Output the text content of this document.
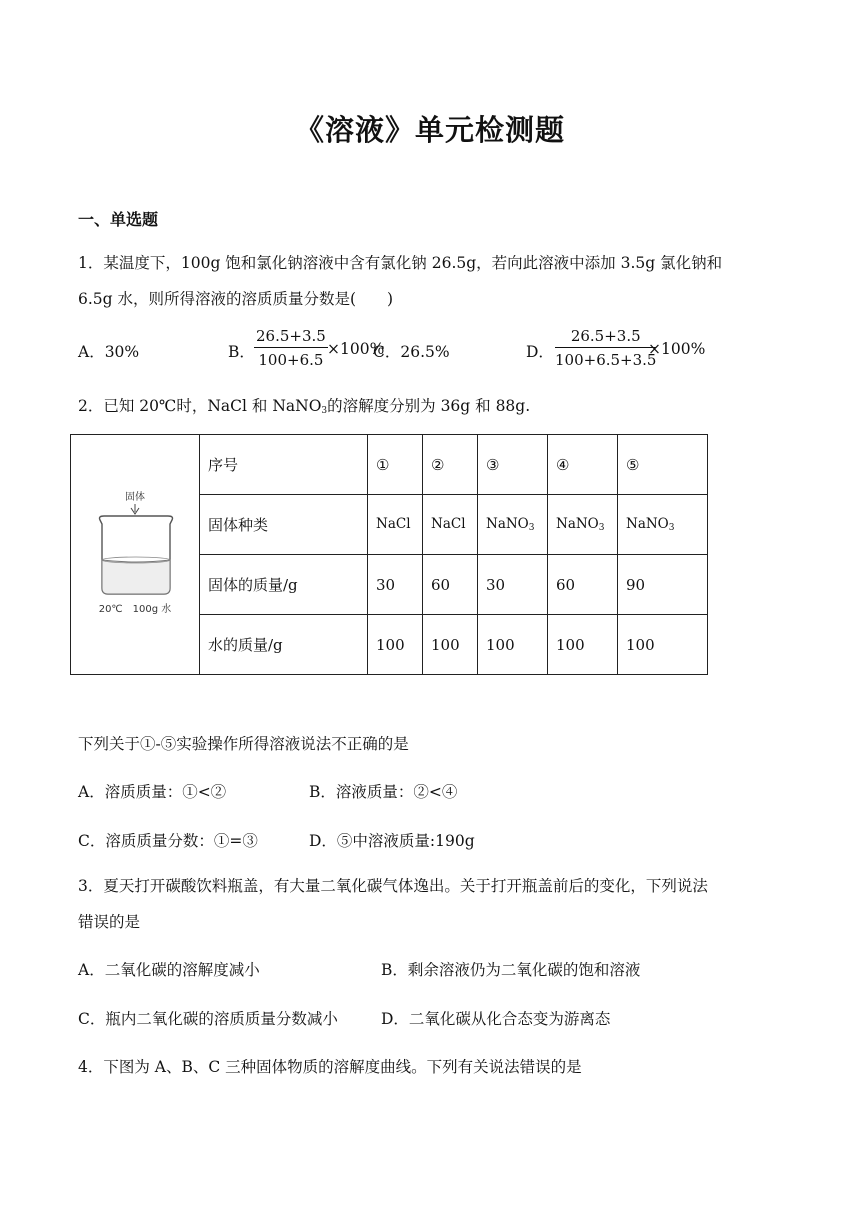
《溶液》单元检测题
一、单选题
1．某温度下，100g 饱和氯化钠溶液中含有氯化钠 26.5g，若向此溶液中添加 3.5g 氯化钠和
6.5g 水，则所得溶液的溶质质量分数是(　　)
A．30%	B． $\frac{26.5+3.5}{100+6.5} \times 100\%$
C．26.5%	D． $\frac{26.5+3.5}{100+6.5+3.5}$
×100%
2．已知 20℃时，NaCl 和 NaNO$_3$的溶解度分别为 36g 和 88g.
固体
20℃　100g 水	序号	①	②	③	④	⑤
	固体种类	NaCl	NaCl	NaNO$_3$	NaNO$_3$	NaNO$_3$
	固体的质量/g	30	60	30	60	90
	水的质量/g	100	100	100	100	100
下列关于①-⑤实验操作所得溶液说法不正确的是
A．溶质质量：①<②	B．溶液质量：②<④
C．溶质质量分数：①=③	D．⑤中溶液质量:190g
3．夏天打开碳酸饮料瓶盖，有大量二氧化碳气体逸出。关于打开瓶盖前后的变化，下列说法
错误的是
A．二氧化碳的溶解度减小	B．剩余溶液仍为二氧化碳的饱和溶液
C．瓶内二氧化碳的溶质质量分数减小	D．二氧化碳从化合态变为游离态
4．下图为 A、B、C 三种固体物质的溶解度曲线。下列有关说法错误的是
